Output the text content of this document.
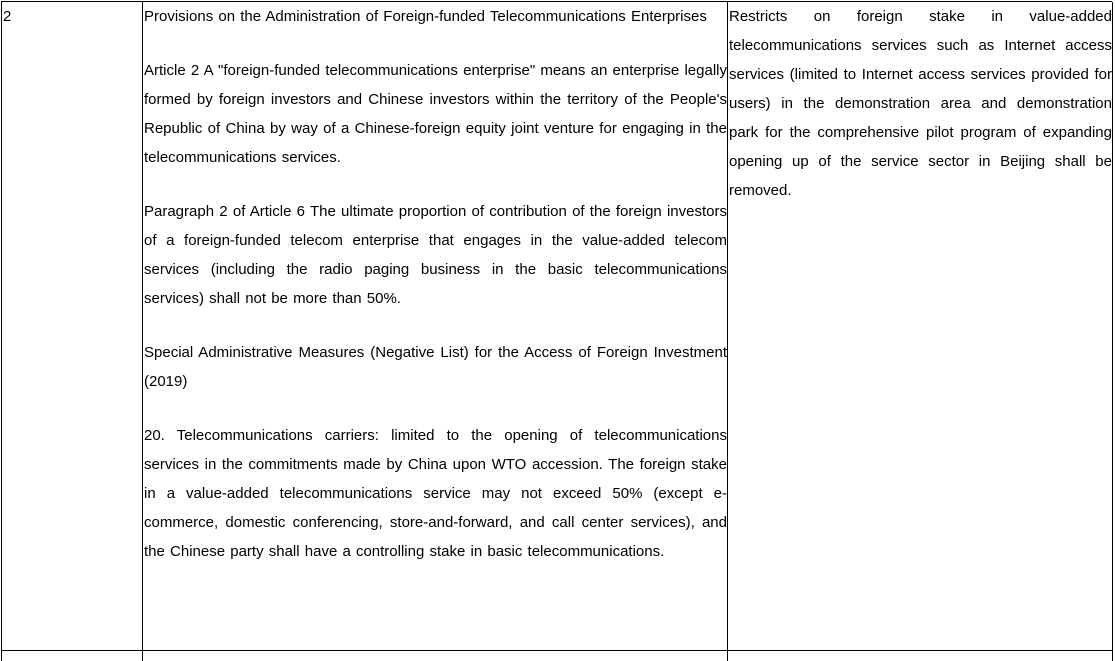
2	Provisions on the Administration of Foreign-funded Telecommunications Enterprises

Article 2 A "foreign-funded telecommunications enterprise" means an enterprise legally formed by foreign investors and Chinese investors within the territory of the People's Republic of China by way of a Chinese-foreign equity joint venture for engaging in the telecommunications services.

Paragraph 2 of Article 6 The ultimate proportion of contribution of the foreign investors of a foreign-funded telecom enterprise that engages in the value-added telecom services (including the radio paging business in the basic telecommunications services) shall not be more than 50%.

Special Administrative Measures (Negative List) for the Access of Foreign Investment (2019)

20. Telecommunications carriers: limited to the opening of telecommunications services in the commitments made by China upon WTO accession. The foreign stake in a value-added telecommunications service may not exceed 50% (except e-commerce, domestic conferencing, store-and-forward, and call center services), and the Chinese party shall have a controlling stake in basic telecommunications.

Restricts on foreign stake in value-added telecommunications services such as Internet access services (limited to Internet access services provided for users) in the demonstration area and demonstration park for the comprehensive pilot program of expanding opening up of the service sector in Beijing shall be removed.
